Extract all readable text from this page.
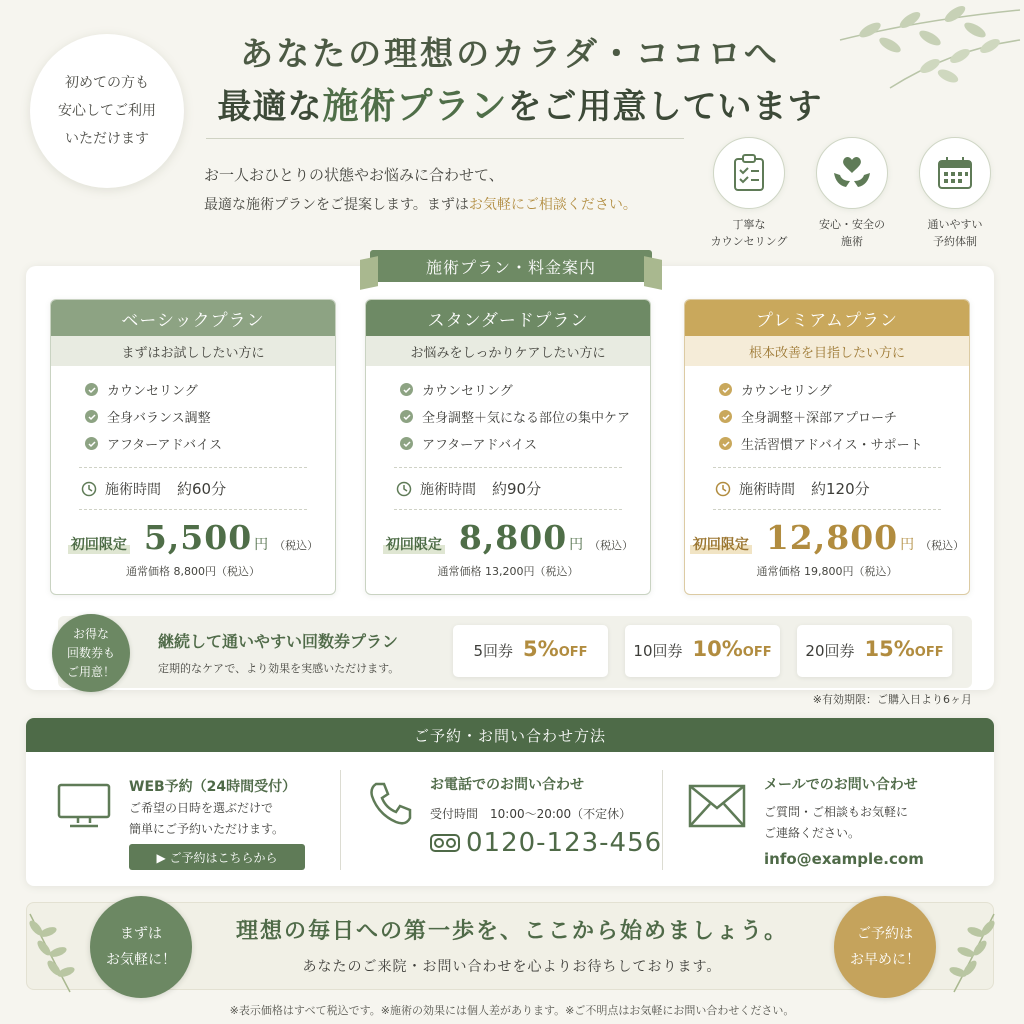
初めての方も
安心してご利用
いただけます
あなたの理想のカラダ・ココロへ
最適な施術プランをご用意しています
お一人おひとりの状態やお悩みに合わせて、
最適な施術プランをご提案します。まずはお気軽にご相談ください。
丁寧な
カウンセリング
安心・安全の
施術
通いやすい
予約体制
施術プラン・料金案内
ベーシックプラン
まずはお試ししたい方に
カウンセリング
全身バランス調整
アフターアドバイス
施術時間 約60分
初回限定 5,500 円 （税込）
通常価格 8,800円（税込）
スタンダードプラン
お悩みをしっかりケアしたい方に
カウンセリング
全身調整＋気になる部位の集中ケア
アフターアドバイス
施術時間 約90分
初回限定 8,800 円 （税込）
通常価格 13,200円（税込）
プレミアムプラン
根本改善を目指したい方に
カウンセリング
全身調整＋深部アプローチ
生活習慣アドバイス・サポート
施術時間 約120分
初回限定 12,800 円 （税込）
通常価格 19,800円（税込）
お得な
回数券も
ご用意！
継続して通いやすい回数券プラン
定期的なケアで、より効果を実感いただけます。
5回券 5% OFF	10回券 10% OFF 20回券 15% OFF
※有効期限：ご購入日より6ヶ月
ご予約・お問い合わせ方法
WEB予約（24時間受付）
ご希望の日時を選ぶだけで
簡単にご予約いただけます。
▶ ご予約はこちらから
お電話でのお問い合わせ
受付時間　10:00〜20:00（不定休）
0120-123-456
メールでのお問い合わせ
ご質問・ご相談もお気軽に
ご連絡ください。
info@example.com
まずは
お気軽に！
理想の毎日への第一歩を、ここから始めましょう。
あなたのご来院・お問い合わせを心よりお待ちしております。
ご予約は
お早めに！
※表示価格はすべて税込です。※施術の効果には個人差があります。※ご不明点はお気軽にお問い合わせください。
